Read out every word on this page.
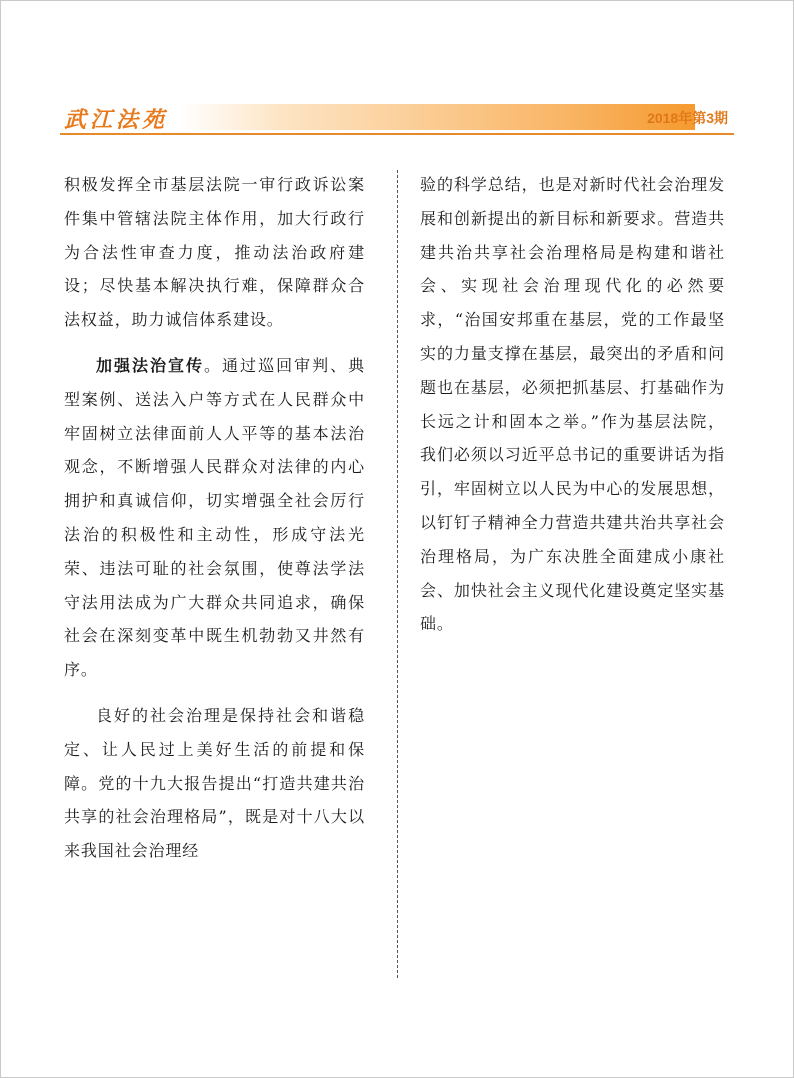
武江法苑	2018年第3期

积极发挥全市基层法院一审行政诉讼案件集中管辖法院主体作用，加大行政行为合法性审查力度，推动法治政府建设；尽快基本解决执行难，保障群众合法权益，助力诚信体系建设。

加强法治宣传。通过巡回审判、典型案例、送法入户等方式在人民群众中牢固树立法律面前人人平等的基本法治观念，不断增强人民群众对法律的内心拥护和真诚信仰，切实增强全社会厉行法治的积极性和主动性，形成守法光荣、违法可耻的社会氛围，使尊法学法守法用法成为广大群众共同追求，确保社会在深刻变革中既生机勃勃又井然有序。

良好的社会治理是保持社会和谐稳定、让人民过上美好生活的前提和保障。党的十九大报告提出“打造共建共治共享的社会治理格局”，既是对十八大以来我国社会治理经

验的科学总结，也是对新时代社会治理发展和创新提出的新目标和新要求。营造共建共治共享社会治理格局是构建和谐社会、实现社会治理现代化的必然要求，“治国安邦重在基层，党的工作最坚实的力量支撑在基层，最突出的矛盾和问题也在基层，必须把抓基层、打基础作为长远之计和固本之举。”作为基层法院，我们必须以习近平总书记的重要讲话为指引，牢固树立以人民为中心的发展思想，以钉钉子精神全力营造共建共治共享社会治理格局，为广东决胜全面建成小康社会、加快社会主义现代化建设奠定坚实基础。
